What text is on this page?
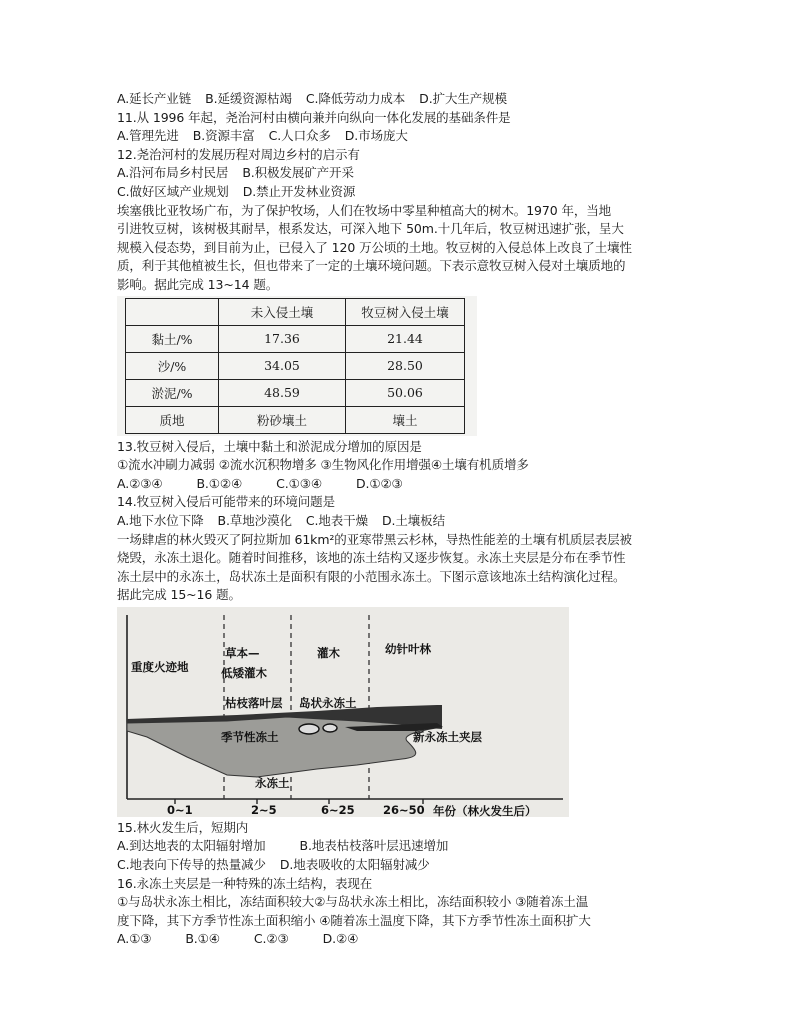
A.延长产业链 B.延缓资源枯竭 C.降低劳动力成本 D.扩大生产规模
11.从 1996 年起，尧治河村由横向兼并向纵向一体化发展的基础条件是
A.管理先进 B.资源丰富 C.人口众多 D.市场庞大
12.尧治河村的发展历程对周边乡村的启示有
A.沿河布局乡村民居 B.积极发展矿产开采
C.做好区域产业规划 D.禁止开发林业资源
埃塞俄比亚牧场广布，为了保护牧场，人们在牧场中零星种植高大的树木。1970 年，当地
引进牧豆树，该树极其耐旱，根系发达，可深入地下 50m.十几年后，牧豆树迅速扩张，呈大
规模入侵态势，到目前为止，已侵入了 120 万公顷的土地。牧豆树的入侵总体上改良了土壤性
质，利于其他植被生长，但也带来了一定的土壤环境问题。下表示意牧豆树入侵对土壤质地的
影响。据此完成 13~14 题。
	未入侵土壤	牧豆树入侵土壤
黏土/%	17.36	21.44
沙/%	34.05	28.50
淤泥/%	48.59	50.06
质地	粉砂壤土	壤土
13.牧豆树入侵后，土壤中黏土和淤泥成分增加的原因是
①流水冲刷力减弱 ②流水沉积物增多 ③生物风化作用增强④土壤有机质增多
A.②③④	B.①②④	C.①③④	D.①②③
14.牧豆树入侵后可能带来的环境问题是
A.地下水位下降 B.草地沙漠化 C.地表干燥 D.土壤板结
一场肆虐的林火毁灭了阿拉斯加 61km²的亚寒带黑云杉林，导热性能差的土壤有机质层表层被
烧毁，永冻土退化。随着时间推移，该地的冻土结构又逐步恢复。永冻土夹层是分布在季节性
冻土层中的永冻土，岛状冻土是面积有限的小范围永冻土。下图示意该地冻土结构演化过程。
据此完成 15~16 题。
重度火迹地
草本—
低矮灌木
灌木	幼针叶林
枯枝落叶层 岛状永冻土
季节性冻土	新永冻土夹层
永冻土
0~1	2~5	6~25 26~50 年份（林火发生后）
15.林火发生后，短期内
A.到达地表的太阳辐射增加	B.地表枯枝落叶层迅速增加
C.地表向下传导的热量减少 D.地表吸收的太阳辐射减少
16.永冻土夹层是一种特殊的冻土结构，表现在
①与岛状永冻土相比，冻结面积较大②与岛状永冻土相比，冻结面积较小 ③随着冻土温
度下降，其下方季节性冻土面积缩小 ④随着冻土温度下降，其下方季节性冻土面积扩大
A.①③	B.①④	C.②③	D.②④
